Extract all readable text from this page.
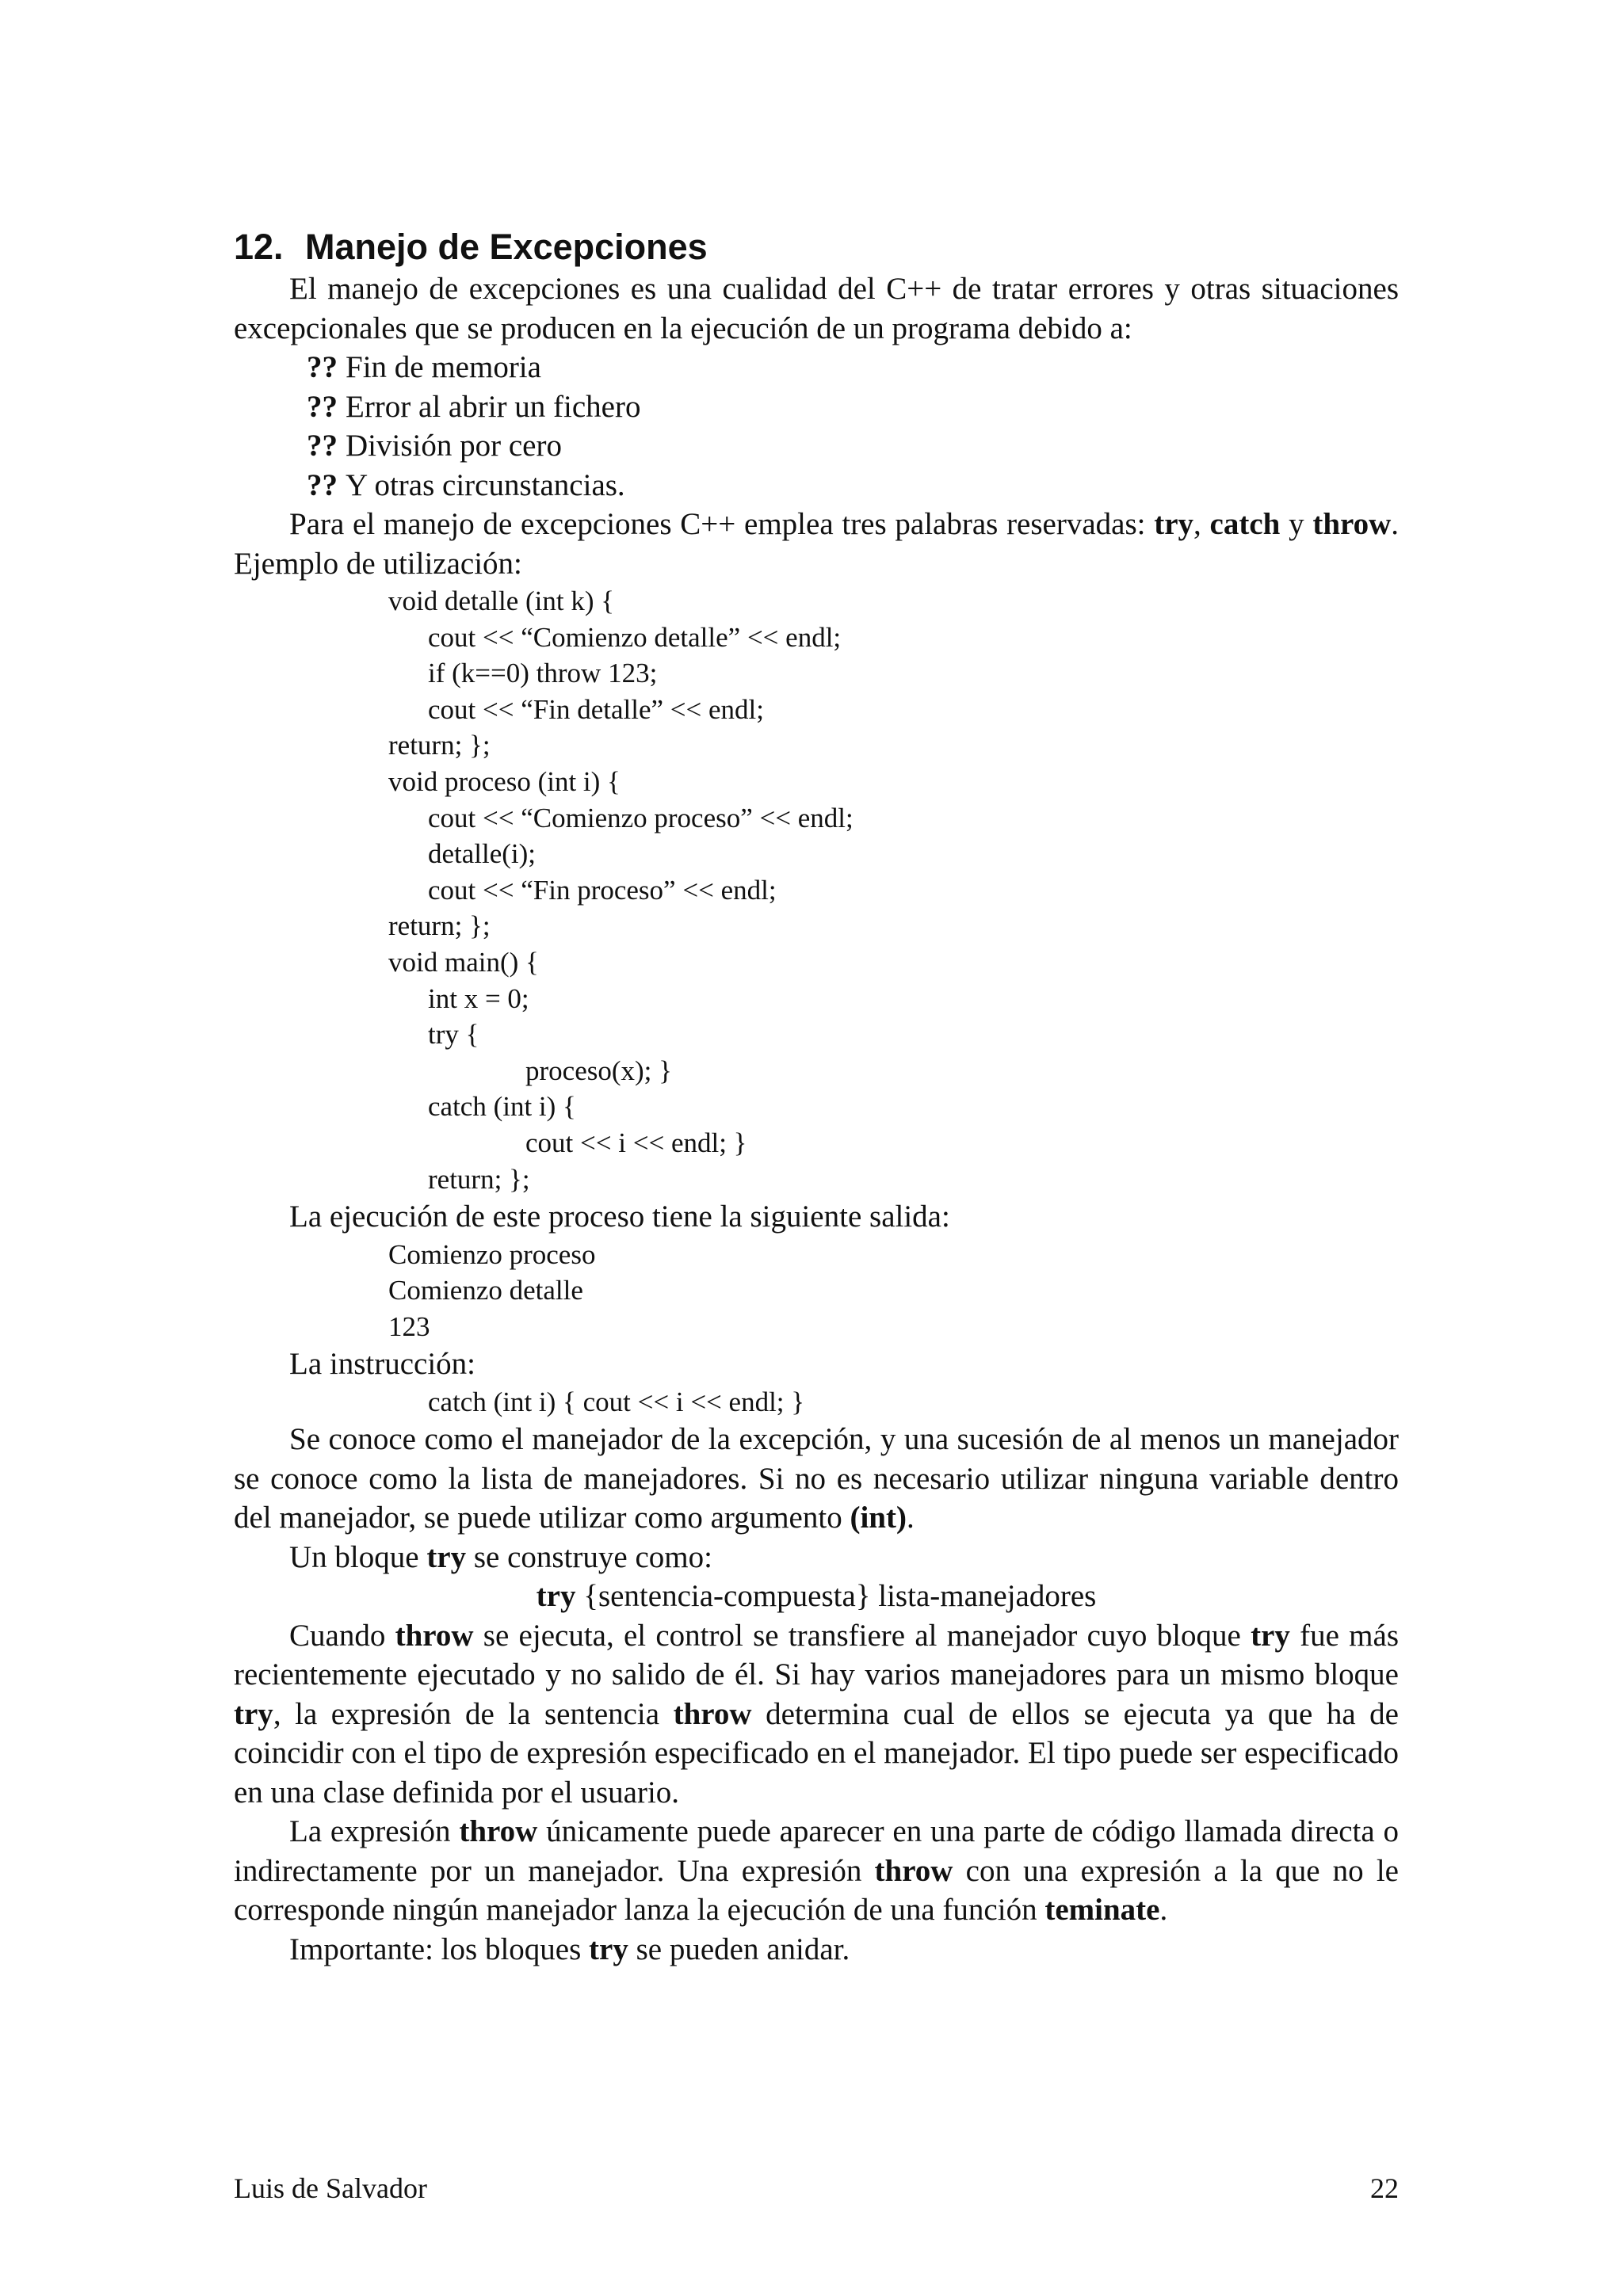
12. Manejo de Excepciones

El manejo de excepciones es una cualidad del C++ de tratar errores y otras situaciones excepcionales que se producen en la ejecución de un programa debido a:

?? Fin de memoria

?? Error al abrir un fichero

?? División por cero

?? Y otras circunstancias.

Para el manejo de excepciones C++ emplea tres palabras reservadas: try, catch y throw. Ejemplo de utilización:

void detalle (int k) {

cout << “Comienzo detalle” << endl;

if (k==0) throw 123;

cout << “Fin detalle” << endl;

return; };

void proceso (int i) {

cout << “Comienzo proceso” << endl;

detalle(i);

cout << “Fin proceso” << endl;

return; };

void main() {

int x = 0;

try {

proceso(x); }

catch (int i) {

cout << i << endl; }

return; };

La ejecución de este proceso tiene la siguiente salida:

Comienzo proceso

Comienzo detalle

123

La instrucción:

catch (int i) { cout << i << endl; }

Se conoce como el manejador de la excepción, y una sucesión de al menos un manejador se conoce como la lista de manejadores. Si no es necesario utilizar ninguna variable dentro del manejador, se puede utilizar como argumento (int).

Un bloque try se construye como:

try {sentencia-compuesta} lista-manejadores

Cuando throw se ejecuta, el control se transfiere al manejador cuyo bloque try fue más recientemente ejecutado y no salido de él. Si hay varios manejadores para un mismo bloque try, la expresión de la sentencia throw determina cual de ellos se ejecuta ya que ha de coincidir con el tipo de expresión especificado en el manejador. El tipo puede ser especificado en una clase definida por el usuario.

La expresión throw únicamente puede aparecer en una parte de código llamada directa o indirectamente por un manejador. Una expresión throw con una expresión a la que no le corresponde ningún manejador lanza la ejecución de una función teminate.

Importante: los bloques try se pueden anidar.

Luis de Salvador	22
